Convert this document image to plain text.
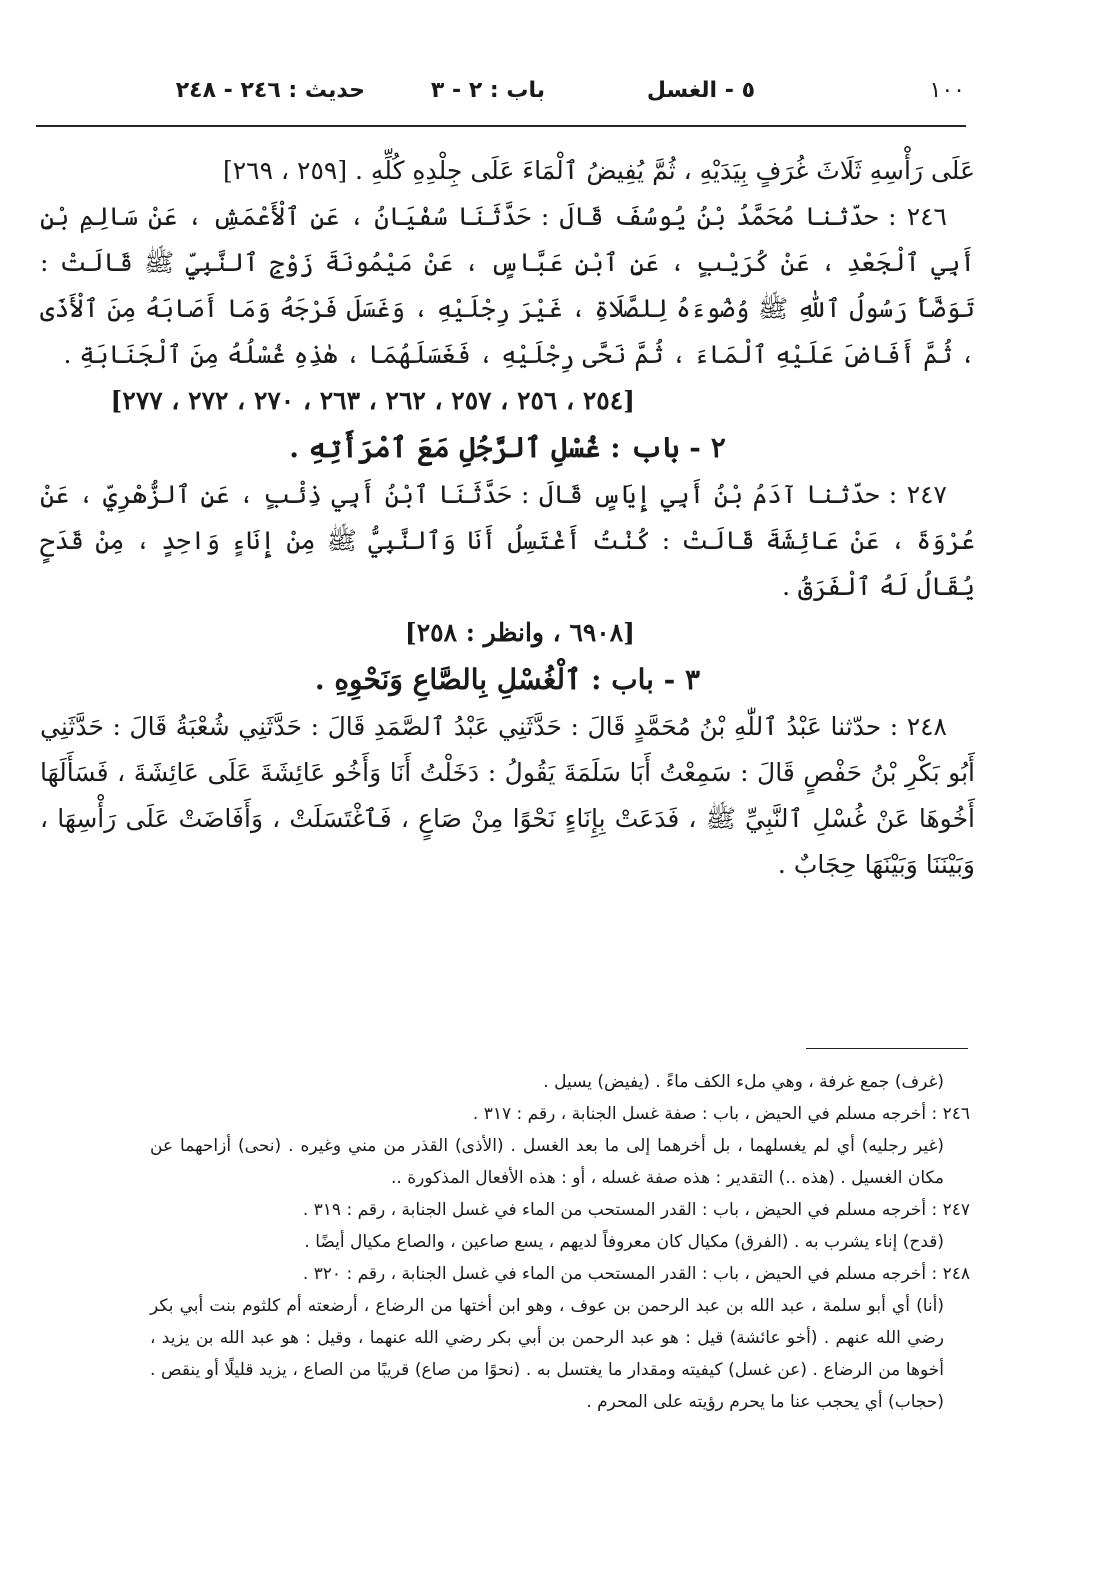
١٠٠
٥ - الغسل
باب : ٢ - ٣
حديث : ٢٤٦ - ٢٤٨

عَلَى رَأْسِهِ ثَلَاثَ غُرَفٍ بِيَدَيْهِ ، ثُمَّ يُفِيضُ ٱلْمَاءَ عَلَى جِلْدِهِ كُلِّهِ . [٢٥٩ ، ٢٦٩]

٢٤٦ : حدّثنا مُحَمَّدُ بْنُ يُوسُفَ قَالَ : حَدَّثَنَا سُفْيَانُ ، عَنِ ٱلْأَعْمَشِ ، عَنْ سَالِمِ بْنِ أَبِي ٱلْجَعْدِ ، عَنْ كُرَيْبٍ ، عَنِ ٱبْنِ عَبَّاسٍ ، عَنْ مَيْمُونَةَ زَوْجِ ٱلنَّبِيِّ ﷺ قَالَتْ : تَوَضَّأَ رَسُولُ ٱللّٰهِ ﷺ وُضُوءَهُ لِلصَّلَاةِ ، غَيْرَ رِجْلَيْهِ ، وَغَسَلَ فَرْجَهُ وَمَا أَصَابَهُ مِنَ ٱلْأَذَى ، ثُمَّ أَفَاضَ عَلَيْهِ ٱلْمَاءَ ، ثُمَّ نَحَّى رِجْلَيْهِ ، فَغَسَلَهُمَا ، هٰذِهِ غُسْلُهُ مِنَ ٱلْجَنَابَةِ .

[٢٥٤ ، ٢٥٦ ، ٢٥٧ ، ٢٦٢ ، ٢٦٣ ، ٢٧٠ ، ٢٧٢ ، ٢٧٧]

٢ - باب : غُسْلِ ٱلرَّجُلِ مَعَ ٱمْرَأَتِهِ .

٢٤٧ : حدّثنا آدَمُ بْنُ أَبِي إِيَاسٍ قَالَ : حَدَّثَنَا ٱبْنُ أَبِي ذِئْبٍ ، عَنِ ٱلزُّهْرِيِّ ، عَنْ عُرْوَةَ ، عَنْ عَائِشَةَ قَالَتْ : كُنْتُ أَغْتَسِلُ أَنَا وَٱلنَّبِيُّ ﷺ مِنْ إِنَاءٍ وَاحِدٍ ، مِنْ قَدَحٍ يُقَالُ لَهُ ٱلْفَرَقُ .

[٦٩٠٨ ، وانظر : ٢٥٨]

٣ - باب : ٱلْغُسْلِ بِالصَّاعِ وَنَحْوِهِ .

٢٤٨ : حدّثنا عَبْدُ ٱللّٰهِ بْنُ مُحَمَّدٍ قَالَ : حَدَّثَنِي عَبْدُ ٱلصَّمَدِ قَالَ : حَدَّثَنِي شُعْبَةُ قَالَ : حَدَّثَنِي أَبُو بَكْرِ بْنُ حَفْصٍ قَالَ : سَمِعْتُ أَبَا سَلَمَةَ يَقُولُ : دَخَلْتُ أَنَا وَأَخُو عَائِشَةَ عَلَى عَائِشَةَ ، فَسَأَلَهَا أَخُوهَا عَنْ غُسْلِ ٱلنَّبِيِّ ﷺ ، فَدَعَتْ بِإِنَاءٍ نَحْوًا مِنْ صَاعٍ ، فَٱغْتَسَلَتْ ، وَأَفَاضَتْ عَلَى رَأْسِهَا ، وَبَيْنَنَا وَبَيْنَهَا حِجَابٌ .

(غرف) جمع غرفة ، وهي ملء الكف ماءً . (يفيض) يسيل .

٢٤٦ : أخرجه مسلم في الحيض ، باب : صفة غسل الجنابة ، رقم : ٣١٧ .

(غير رجليه) أي لم يغسلهما ، بل أخرهما إلى ما بعد الغسل . (الأذى) القذر من مني وغيره . (نحى) أزاحهما عن مكان الغسيل . (هذه ..) التقدير : هذه صفة غسله ، أو : هذه الأفعال المذكورة ..

٢٤٧ : أخرجه مسلم في الحيض ، باب : القدر المستحب من الماء في غسل الجنابة ، رقم : ٣١٩ .

(قدح) إناء يشرب به . (الفرق) مكيال كان معروفاً لديهم ، يسع صاعين ، والصاع مكيال أيضًا .

٢٤٨ : أخرجه مسلم في الحيض ، باب : القدر المستحب من الماء في غسل الجنابة ، رقم : ٣٢٠ .

(أنا) أي أبو سلمة ، عبد الله بن عبد الرحمن بن عوف ، وهو ابن أختها من الرضاع ، أرضعته أم كلثوم بنت أبي بكر رضي الله عنهم . (أخو عائشة) قيل : هو عبد الرحمن بن أبي بكر رضي الله عنهما ، وقيل : هو عبد الله بن يزيد ، أخوها من الرضاع . (عن غسل) كيفيته ومقدار ما يغتسل به . (نحوًا من صاع) قريبًا من الصاع ، يزيد قليلًا أو ينقص . (حجاب) أي يحجب عنا ما يحرم رؤيته على المحرم .
